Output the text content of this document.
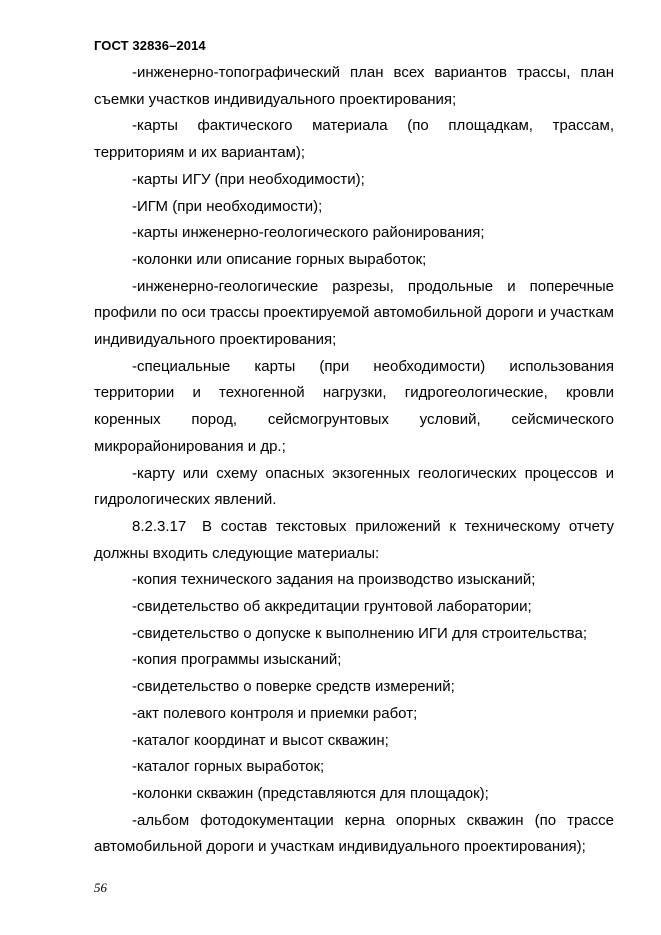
ГОСТ 32836–2014

-инженерно-топографический план всех вариантов трассы, план съемки участков индивидуального проектирования;

-карты фактического материала (по площадкам, трассам, территориям и их вариантам);

-карты ИГУ (при необходимости);

-ИГМ (при необходимости);

-карты инженерно-геологического районирования;

-колонки или описание горных выработок;

-инженерно-геологические разрезы, продольные и поперечные профили по оси трассы проектируемой автомобильной дороги и участкам индивидуального проектирования;

-специальные карты (при необходимости) использования территории и техногенной нагрузки, гидрогеологические, кровли коренных пород, сейсмогрунтовых условий, сейсмического микрорайонирования и др.;

-карту или схему опасных экзогенных геологических процессов и гидрологических явлений.

8.2.3.17 В состав текстовых приложений к техническому отчету должны входить следующие материалы:

-копия технического задания на производство изысканий;

-свидетельство об аккредитации грунтовой лаборатории;

-свидетельство о допуске к выполнению ИГИ для строительства;

-копия программы изысканий;

-свидетельство о поверке средств измерений;

-акт полевого контроля и приемки работ;

-каталог координат и высот скважин;

-каталог горных выработок;

-колонки скважин (представляются для площадок);

-альбом фотодокументации керна опорных скважин (по трассе автомобильной дороги и участкам индивидуального проектирования);

56
